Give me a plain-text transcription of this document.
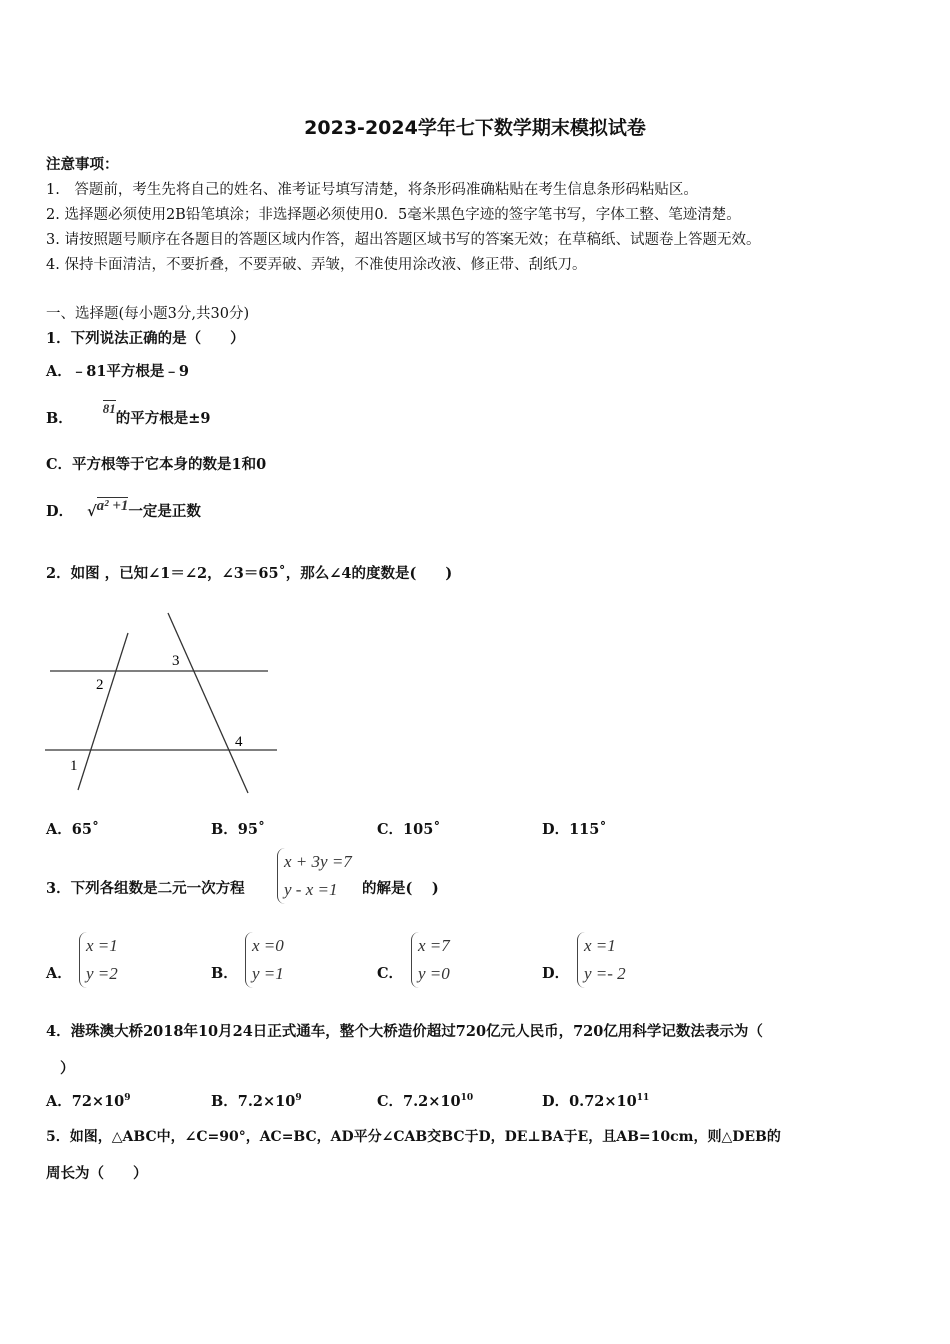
2023-2024学年七下数学期末模拟试卷
注意事项：
1.　答题前，考生先将自己的姓名、准考证号填写清楚，将条形码准确粘贴在考生信息条形码粘贴区。
2. 选择题必须使用2B铅笔填涂；非选择题必须使用0．5毫米黑色字迹的签字笔书写，字体工整、笔迹清楚。
3. 请按照题号顺序在各题目的答题区域内作答，超出答题区域书写的答案无效；在草稿纸、试题卷上答题无效。
4. 保持卡面清洁，不要折叠，不要弄破、弄皱，不准使用涂改液、修正带、刮纸刀。
一、选择题(每小题3分,共30分)
1．下列说法正确的是（　　）
A．﹣81平方根是﹣9
B．81的平方根是±9
C．平方根等于它本身的数是1和0
D． √a² +1一定是正数
2．如图 ，已知∠1＝∠2，∠3＝65˚，那么∠4的度数是(　　)
1
2
3
4
A．65˚	B．95˚	C．105˚	D．115˚
3．下列各组数是二元一次方程
x + 3y =7
y - x =1	的解是(　 )
A．
x =1
y =2	B．
x =0
y =1	C．
x =7
y =0	D．
x =1
y =- 2
4．港珠澳大桥2018年10月24日正式通车，整个大桥造价超过720亿元人民币，720亿用科学记数法表示为（
）
A．$72\times 10^9$	B．$7.2\times 10^9$	C．$7.2\times 10^{10}$	D．$0.72\times 10^{11}$
5．如图，△ABC中，∠C=90°，AC=BC，AD平分∠CAB交BC于D，DE⊥BA于E，且AB=10cm，则△DEB的
周长为（　　）
